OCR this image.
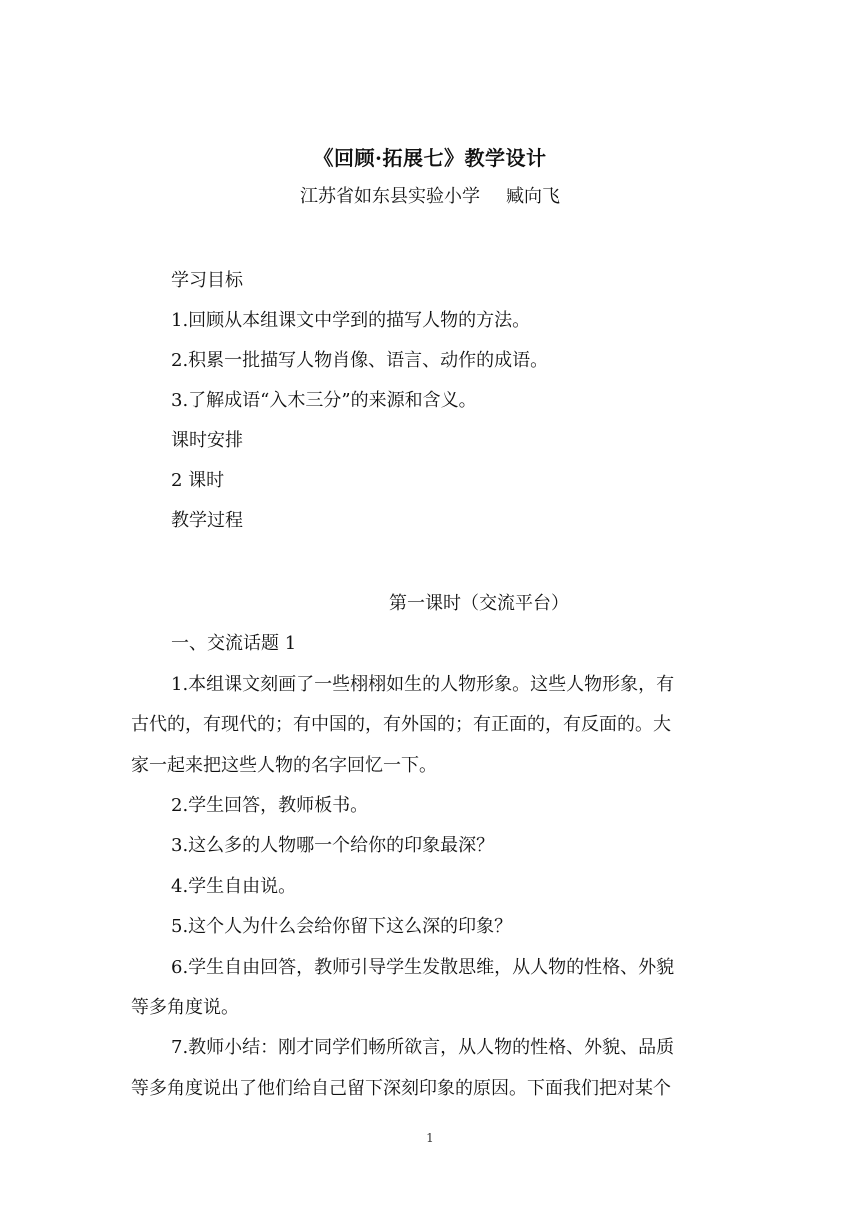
《回顾·拓展七》教学设计
江苏省如东县实验小学 臧向飞
学习目标
1.回顾从本组课文中学到的描写人物的方法。
2.积累一批描写人物肖像、语言、动作的成语。
3.了解成语“入木三分”的来源和含义。
课时安排
2 课时
教学过程
第一课时（交流平台）
一、交流话题 1
1.本组课文刻画了一些栩栩如生的人物形象。这些人物形象，有
古代的，有现代的；有中国的，有外国的；有正面的，有反面的。大
家一起来把这些人物的名字回忆一下。
2.学生回答，教师板书。
3.这么多的人物哪一个给你的印象最深？
4.学生自由说。
5.这个人为什么会给你留下这么深的印象？
6.学生自由回答，教师引导学生发散思维，从人物的性格、外貌
等多角度说。
7.教师小结：刚才同学们畅所欲言，从人物的性格、外貌、品质
等多角度说出了他们给自己留下深刻印象的原因。下面我们把对某个
1
